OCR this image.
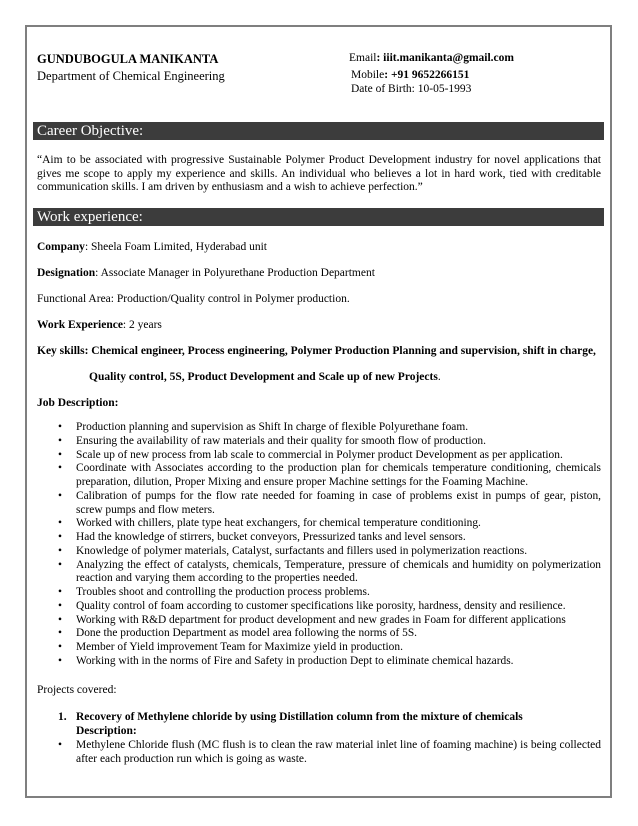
GUNDUBOGULA MANIKANTA
Department of Chemical Engineering
Email: iiit.manikanta@gmail.com
Mobile: +91 9652266151
Date of Birth: 10-05-1993
Career Objective:
“Aim to be associated with progressive Sustainable Polymer Product Development industry for novel applications that gives me scope to apply my experience and skills. An individual who believes a lot in hard work, tied with creditable communication skills. I am driven by enthusiasm and a wish to achieve perfection.”
Work experience:
Company: Sheela Foam Limited, Hyderabad unit
Designation: Associate Manager in Polyurethane Production Department
Functional Area: Production/Quality control in Polymer production.
Work Experience: 2 years
Key skills: Chemical engineer, Process engineering, Polymer Production Planning and supervision, shift in charge,
Quality control, 5S, Product Development and Scale up of new Projects.
Job Description:
• Production planning and supervision as Shift In charge of flexible Polyurethane foam.
• Ensuring the availability of raw materials and their quality for smooth flow of production.
• Scale up of new process from lab scale to commercial in Polymer product Development as per application.
• Coordinate with Associates according to the production plan for chemicals temperature conditioning, chemicals preparation, dilution, Proper Mixing and ensure proper Machine settings for the Foaming Machine.
• Calibration of pumps for the flow rate needed for foaming in case of problems exist in pumps of gear, piston, screw pumps and flow meters.
• Worked with chillers, plate type heat exchangers, for chemical temperature conditioning.
• Had the knowledge of stirrers, bucket conveyors, Pressurized tanks and level sensors.
• Knowledge of polymer materials, Catalyst, surfactants and fillers used in polymerization reactions.
• Analyzing the effect of catalysts, chemicals, Temperature, pressure of chemicals and humidity on polymerization reaction and varying them according to the properties needed.
• Troubles shoot and controlling the production process problems.
• Quality control of foam according to customer specifications like porosity, hardness, density and resilience.
• Working with R&D department for product development and new grades in Foam for different applications
• Done the production Department as model area following the norms of 5S.
• Member of Yield improvement Team for Maximize yield in production.
• Working with in the norms of Fire and Safety in production Dept to eliminate chemical hazards.
Projects covered:
1. Recovery of Methylene chloride by using Distillation column from the mixture of chemicals
Description:
• Methylene Chloride flush (MC flush is to clean the raw material inlet line of foaming machine) is being collected after each production run which is going as waste.
